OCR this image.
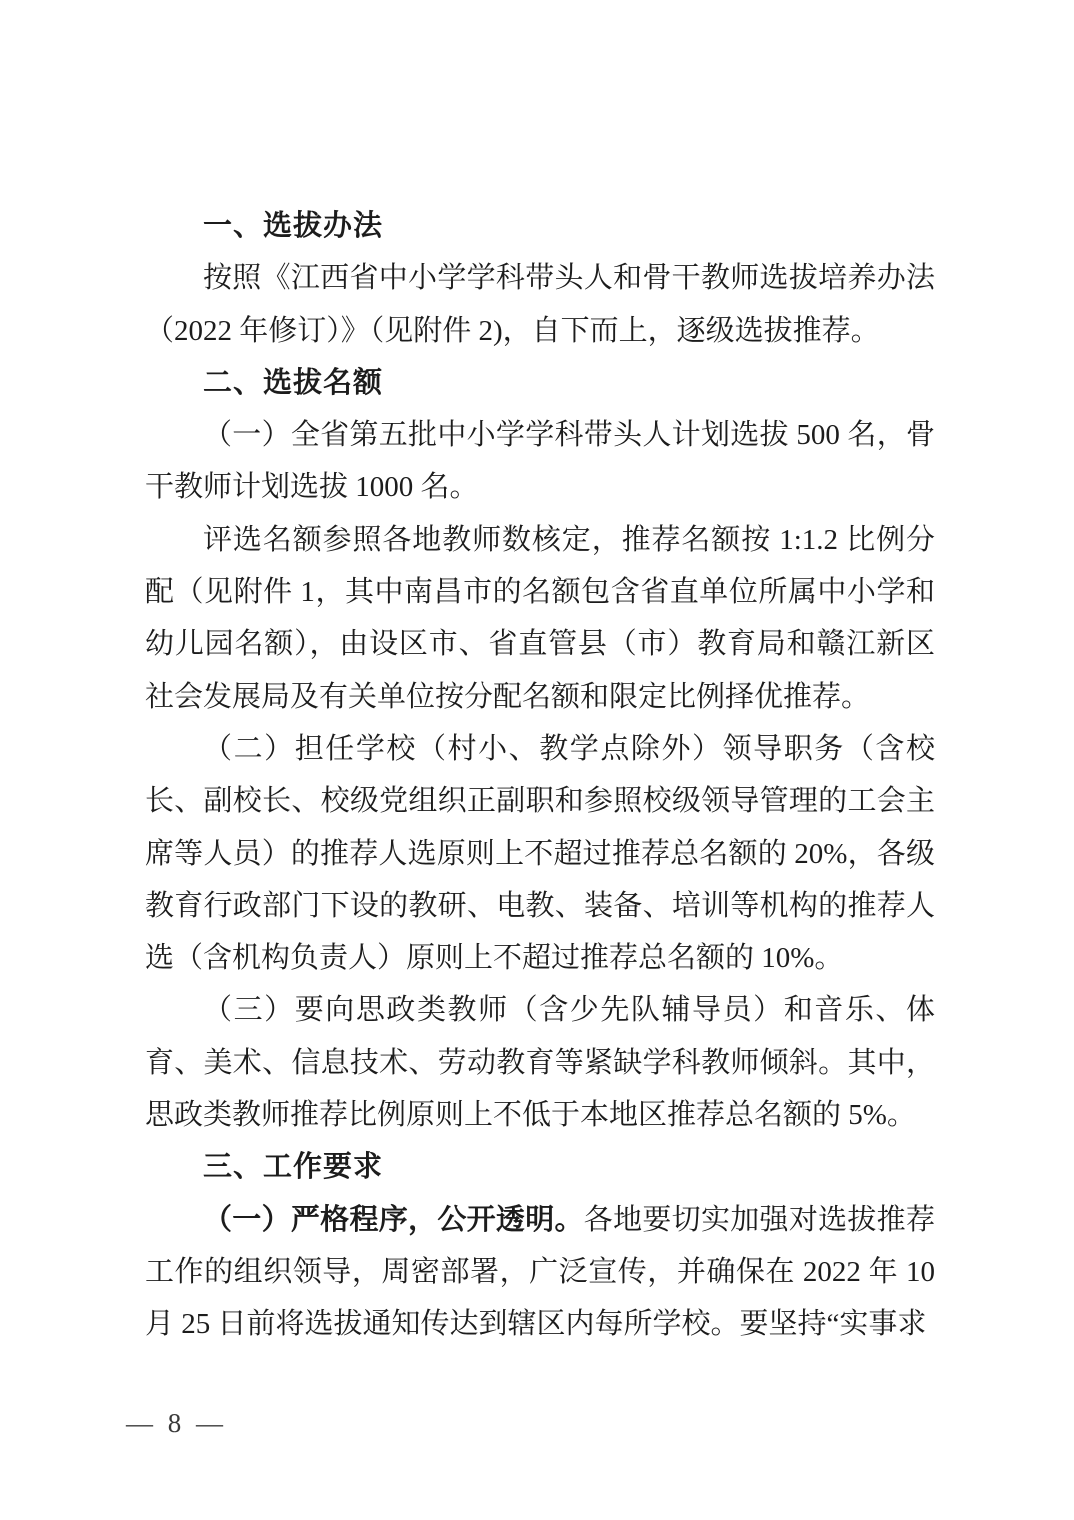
一、选拔办法

按照《江西省中小学学科带头人和骨干教师选拔培养办法（2022 年修订）》（见附件 2)，自下而上，逐级选拔推荐。

二、选拔名额

（一）全省第五批中小学学科带头人计划选拔 500 名，骨干教师计划选拔 1000 名。

评选名额参照各地教师数核定，推荐名额按 1:1.2 比例分配（见附件 1，其中南昌市的名额包含省直单位所属中小学和幼儿园名额），由设区市、省直管县（市）教育局和赣江新区社会发展局及有关单位按分配名额和限定比例择优推荐。

（二）担任学校（村小、教学点除外）领导职务（含校长、副校长、校级党组织正副职和参照校级领导管理的工会主席等人员）的推荐人选原则上不超过推荐总名额的 20%，各级教育行政部门下设的教研、电教、装备、培训等机构的推荐人选（含机构负责人）原则上不超过推荐总名额的 10%。

（三）要向思政类教师（含少先队辅导员）和音乐、体育、美术、信息技术、劳动教育等紧缺学科教师倾斜。其中，思政类教师推荐比例原则上不低于本地区推荐总名额的 5%。

三、工作要求

（一）严格程序，公开透明。各地要切实加强对选拔推荐工作的组织领导，周密部署，广泛宣传，并确保在 2022 年 10 月 25 日前将选拔通知传达到辖区内每所学校。要坚持“实事求

— 8 —
